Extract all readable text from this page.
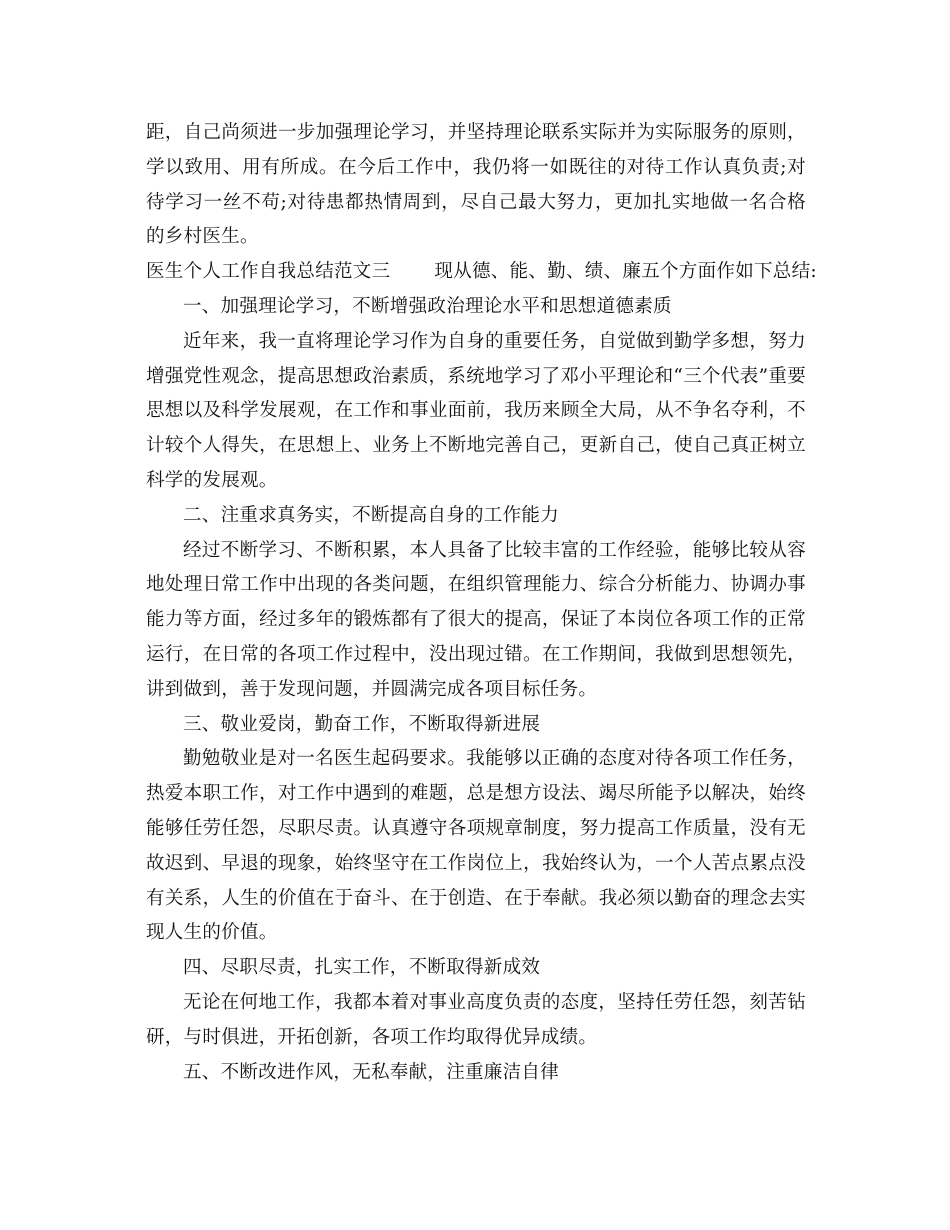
距，自己尚须进一步加强理论学习，并坚持理论联系实际并为实际服务的原则，学以致用、用有所成。在今后工作中，我仍将一如既往的对待工作认真负责;对待学习一丝不苟;对待患都热情周到，尽自己最大努力，更加扎实地做一名合格的乡村医生。

医生个人工作自我总结范文三 现从德、能、勤、绩、廉五个方面作如下总结:

一、加强理论学习，不断增强政治理论水平和思想道德素质

近年来，我一直将理论学习作为自身的重要任务，自觉做到勤学多想，努力增强党性观念，提高思想政治素质，系统地学习了邓小平理论和“三个代表”重要思想以及科学发展观，在工作和事业面前，我历来顾全大局，从不争名夺利，不计较个人得失，在思想上、业务上不断地完善自己，更新自己，使自己真正树立科学的发展观。

二、注重求真务实，不断提高自身的工作能力

经过不断学习、不断积累，本人具备了比较丰富的工作经验，能够比较从容地处理日常工作中出现的各类问题，在组织管理能力、综合分析能力、协调办事能力等方面，经过多年的锻炼都有了很大的提高，保证了本岗位各项工作的正常运行，在日常的各项工作过程中，没出现过错。在工作期间，我做到思想领先，讲到做到，善于发现问题，并圆满完成各项目标任务。

三、敬业爱岗，勤奋工作，不断取得新进展

勤勉敬业是对一名医生起码要求。我能够以正确的态度对待各项工作任务，热爱本职工作，对工作中遇到的难题，总是想方设法、竭尽所能予以解决，始终能够任劳任怨，尽职尽责。认真遵守各项规章制度，努力提高工作质量，没有无故迟到、早退的现象，始终坚守在工作岗位上，我始终认为，一个人苦点累点没有关系，人生的价值在于奋斗、在于创造、在于奉献。我必须以勤奋的理念去实现人生的价值。

四、尽职尽责，扎实工作，不断取得新成效

无论在何地工作，我都本着对事业高度负责的态度，坚持任劳任怨，刻苦钻研，与时俱进，开拓创新，各项工作均取得优异成绩。

五、不断改进作风，无私奉献，注重廉洁自律
